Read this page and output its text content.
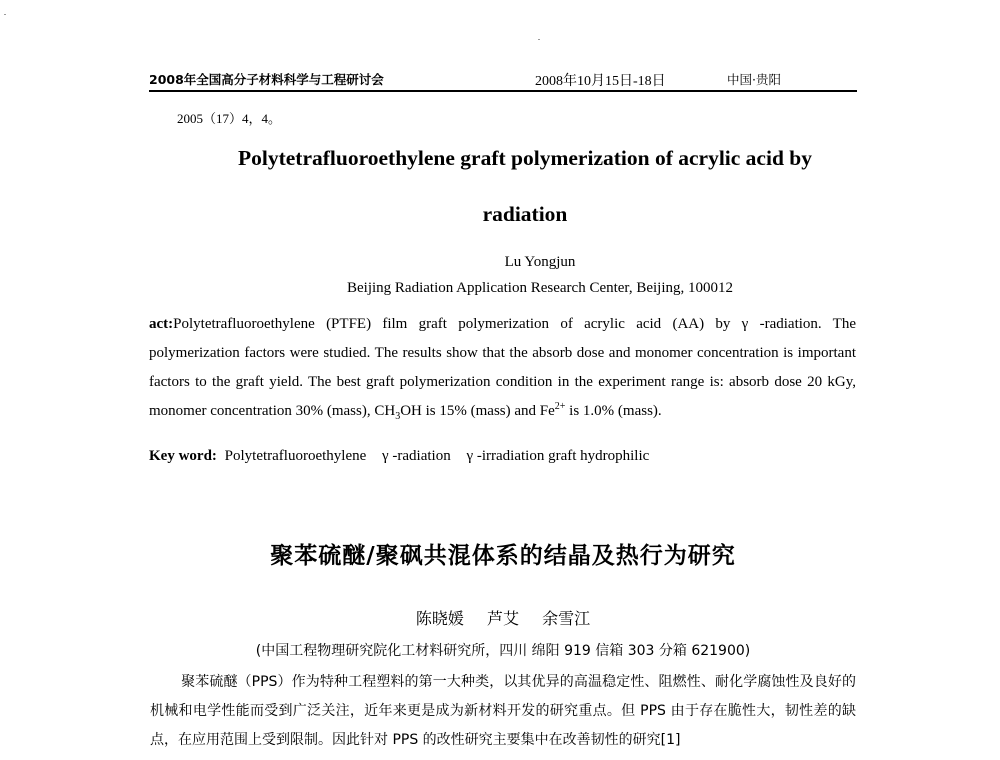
2008年全国高分子材料科学与工程研讨会	2008年10月15日-18日	中国·贵阳
2005（17）4，4。
Polytetrafluoroethylene graft polymerization of acrylic acid by
radiation
Lu Yongjun
Beijing Radiation Application Research Center, Beijing, 100012
act:Polytetrafluoroethylene (PTFE) film graft polymerization of acrylic acid (AA) by γ -radiation. The polymerization factors were studied. The results show that the absorb dose and monomer concentration is important factors to the graft yield. The best graft polymerization condition in the experiment range is: absorb dose 20 kGy, monomer concentration 30% (mass), $CH_3OH$ is 15% (mass) and $Fe^{2+}$ is 1.0% (mass).
Key word: Polytetrafluoroethylene γ -radiation γ -irradiation graft hydrophilic
聚苯硫醚/聚砜共混体系的结晶及热行为研究
陈晓媛 芦艾 余雪江
(中国工程物理研究院化工材料研究所，四川 绵阳 919 信箱 303 分箱 621900)
聚苯硫醚（PPS）作为特种工程塑料的第一大种类，以其优异的高温稳定性、阻燃性、耐化学腐蚀性及良好的机械和电学性能而受到广泛关注，近年来更是成为新材料开发的研究重点。但 PPS 由于存在脆性大，韧性差的缺点，在应用范围上受到限制。因此针对 PPS 的改性研究主要集中在改善韧性的研究[1]
